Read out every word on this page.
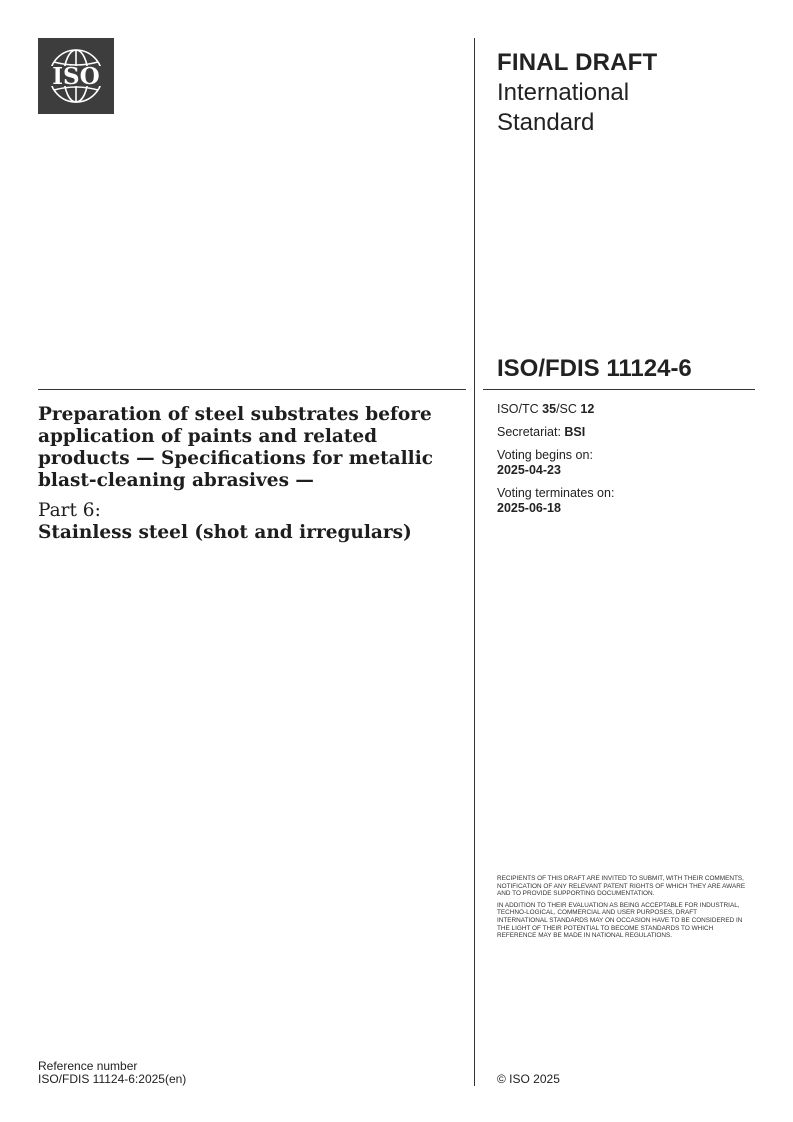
ISO
FINAL DRAFT
International
Standard
ISO/FDIS 11124-6
Preparation of steel substrates before application of paints and related products — Specifications for metallic blast-cleaning abrasives —
Part 6:
Stainless steel (shot and irregulars)
ISO/TC 35/SC 12
Secretariat: BSI
Voting begins on:
2025-04-23
Voting terminates on:
2025-06-18

RECIPIENTS OF THIS DRAFT ARE INVITED TO SUBMIT, WITH THEIR COMMENTS, NOTIFICATION OF ANY RELEVANT PATENT RIGHTS OF WHICH THEY ARE AWARE AND TO PROVIDE SUPPORTING DOCUMENTATION.

IN ADDITION TO THEIR EVALUATION AS BEING ACCEPTABLE FOR INDUSTRIAL, TECHNO-LOGICAL, COMMERCIAL AND USER PURPOSES, DRAFT INTERNATIONAL STANDARDS MAY ON OCCASION HAVE TO BE CONSIDERED IN THE LIGHT OF THEIR POTENTIAL TO BECOME STANDARDS TO WHICH REFERENCE MAY BE MADE IN NATIONAL REGULATIONS.

Reference number
ISO/FDIS 11124-6:2025(en)	© ISO 2025
